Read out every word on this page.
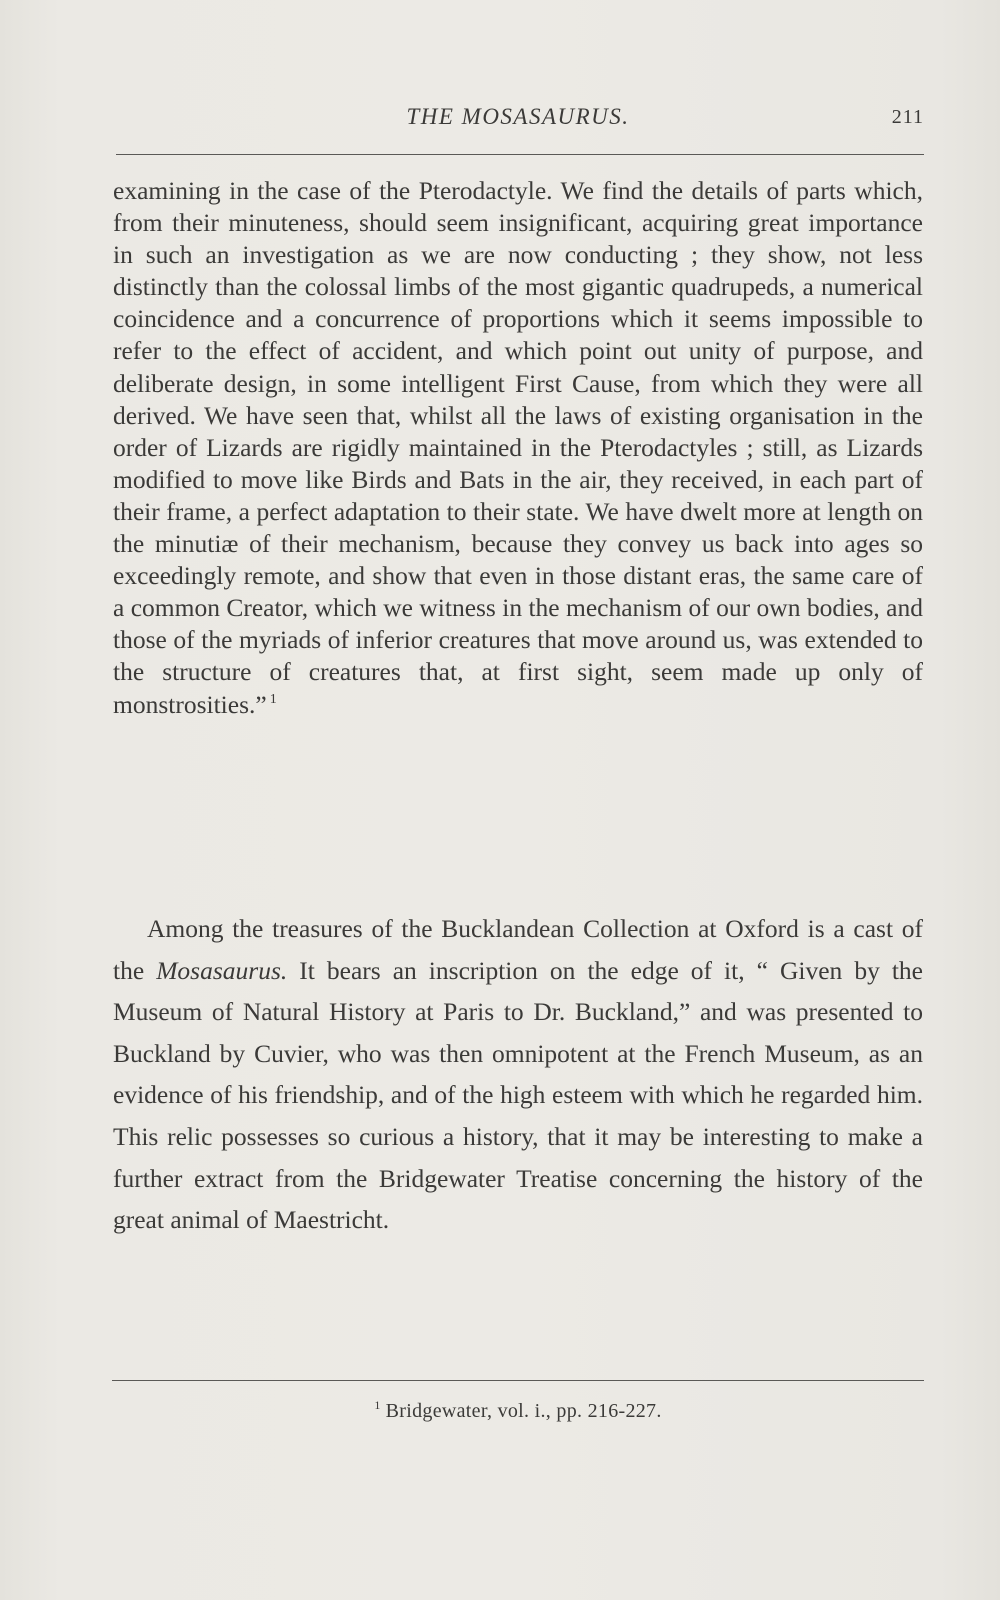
THE MOSASAURUS.	211

examining in the case of the Pterodactyle. We find the details of parts which, from their minuteness, should seem insignificant, acquiring great importance in such an investigation as we are now conducting ; they show, not less distinctly than the colossal limbs of the most gigantic quadrupeds, a numerical coincidence and a concurrence of proportions which it seems impossible to refer to the effect of accident, and which point out unity of purpose, and deliberate design, in some intelligent First Cause, from which they were all derived. We have seen that, whilst all the laws of existing organisation in the order of Lizards are rigidly maintained in the Pterodactyles ; still, as Lizards modified to move like Birds and Bats in the air, they received, in each part of their frame, a perfect adaptation to their state. We have dwelt more at length on the minutiæ of their mechanism, because they convey us back into ages so exceedingly remote, and show that even in those distant eras, the same care of a common Creator, which we witness in the mechanism of our own bodies, and those of the myriads of inferior creatures that move around us, was extended to the structure of creatures that, at first sight, seem made up only of monstrosities.” $^1$

Among the treasures of the Bucklandean Collection at Oxford is a cast of the Mosasaurus. It bears an inscription on the edge of it, “ Given by the Museum of Natural History at Paris to Dr. Buckland,” and was presented to Buckland by Cuvier, who was then omnipotent at the French Museum, as an evidence of his friendship, and of the high esteem with which he regarded him. This relic possesses so curious a history, that it may be interesting to make a further extract from the Bridgewater Treatise concerning the history of the great animal of Maestricht.

$^1$ Bridgewater, vol. i., pp. 216-227.
